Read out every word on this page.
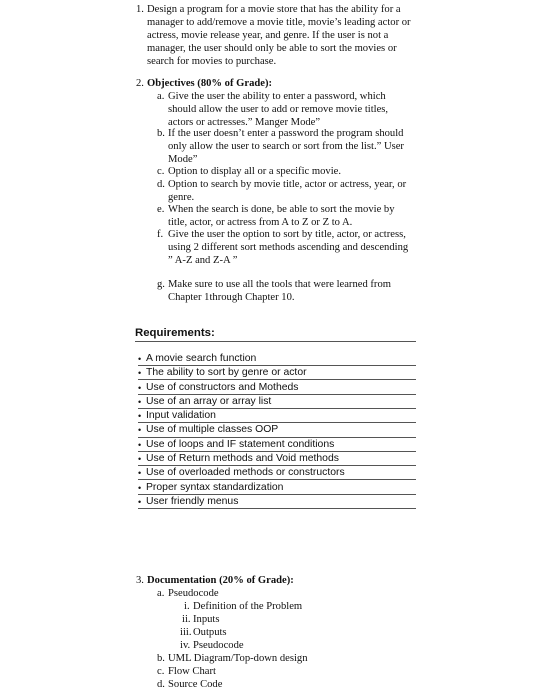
1. Design a program for a movie store that has the ability for a
manager to add/remove a movie title, movie’s leading actor or
actress, movie release year, and genre. If the user is not a
manager, the user should only be able to sort the movies or
search for movies to purchase.
2. Objectives (80% of Grade):
a. Give the user the ability to enter a password, which
should allow the user to add or remove movie titles,
actors or actresses.” Manger Mode”
b. If the user doesn’t enter a password the program should
only allow the user to search or sort from the list.” User
Mode”
c. Option to display all or a specific movie.
d. Option to search by movie title, actor or actress, year, or
genre.
e. When the search is done, be able to sort the movie by
title, actor, or actress from A to Z or Z to A.
f. Give the user the option to sort by title, actor, or actress,
using 2 different sort methods ascending and descending
” A-Z and Z-A ”
g. Make sure to use all the tools that were learned from
Chapter 1through Chapter 10.
Requirements:
• A movie search function
• The ability to sort by genre or actor
• Use of constructors and Motheds
• Use of an array or array list
• Input validation
• Use of multiple classes OOP
• Use of loops and IF statement conditions
• Use of Return methods and Void methods
• Use of overloaded methods or constructors
• Proper syntax standardization
• User friendly menus
3. Documentation (20% of Grade):
a. Pseudocode
i. Definition of the Problem
ii. Inputs
iii. Outputs
iv. Pseudocode
b. UML Diagram/Top-down design
c. Flow Chart
d. Source Code
